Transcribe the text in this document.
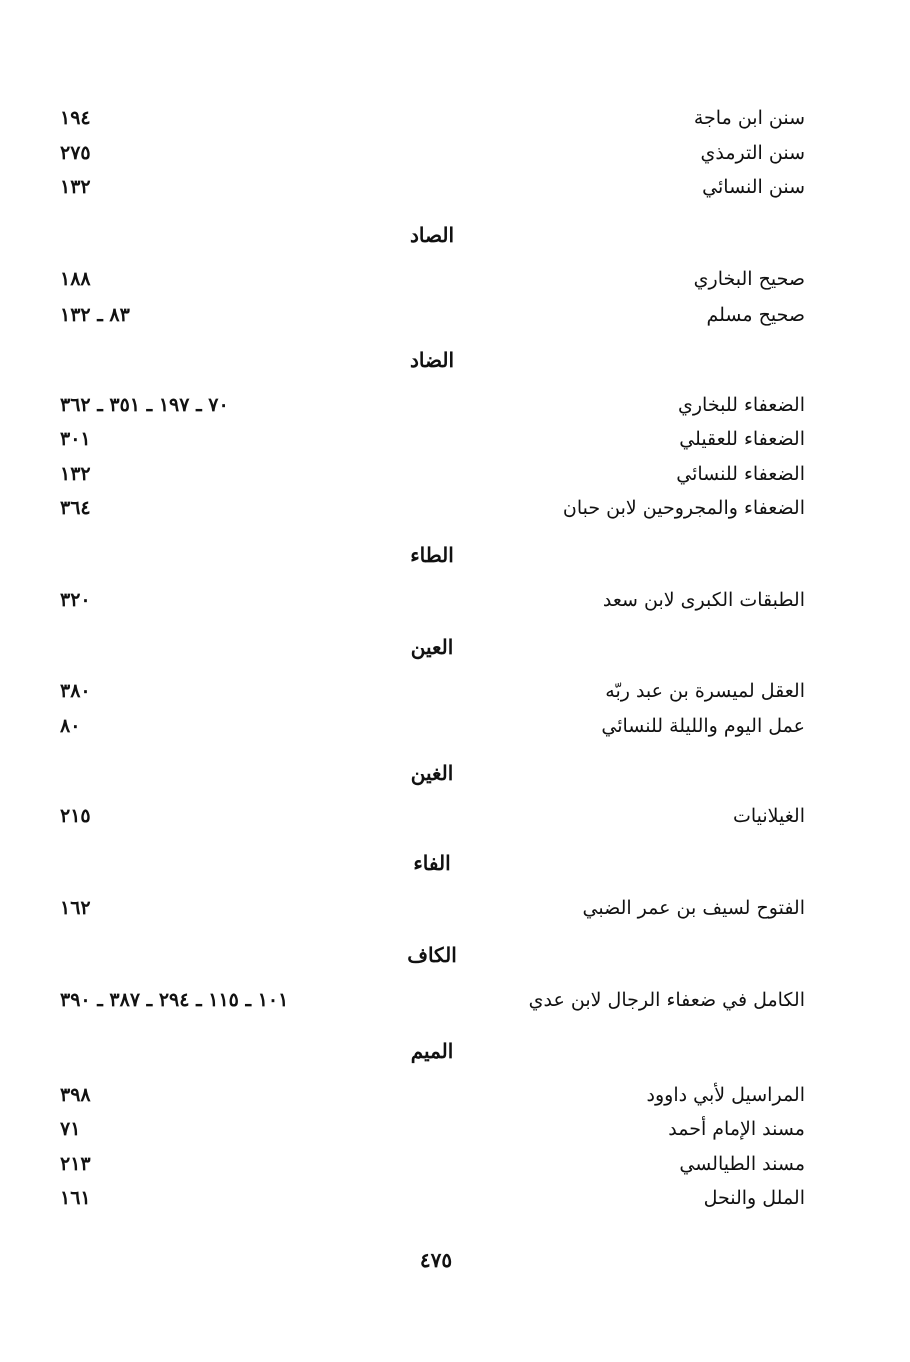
سنن ابن ماجة
١٩٤
سنن الترمذي
٢٧٥
سنن النسائي
١٣٢
الصاد
صحيح البخاري
١٨٨
صحيح مسلم
٨٣ ـ ١٣٢
الضاد
الضعفاء للبخاري
٧٠ ـ ١٩٧ ـ ٣٥١ ـ ٣٦٢
الضعفاء للعقيلي
٣٠١
الضعفاء للنسائي
١٣٢
الضعفاء والمجروحين لابن حبان
٣٦٤
الطاء
الطبقات الكبرى لابن سعد
٣٢٠
العين
العقل لميسرة بن عبد ربّه
٣٨٠
عمل اليوم والليلة للنسائي
٨٠
الغين
الغيلانيات
٢١٥
الفاء
الفتوح لسيف بن عمر الضبي
١٦٢
الكاف
الكامل في ضعفاء الرجال لابن عدي
١٠١ ـ ١١٥ ـ ٢٩٤ ـ ٣٨٧ ـ ٣٩٠
الميم
المراسيل لأبي داوود
٣٩٨
مسند الإمام أحمد
٧١
مسند الطيالسي
٢١٣
الملل والنحل
١٦١
٤٧٥
